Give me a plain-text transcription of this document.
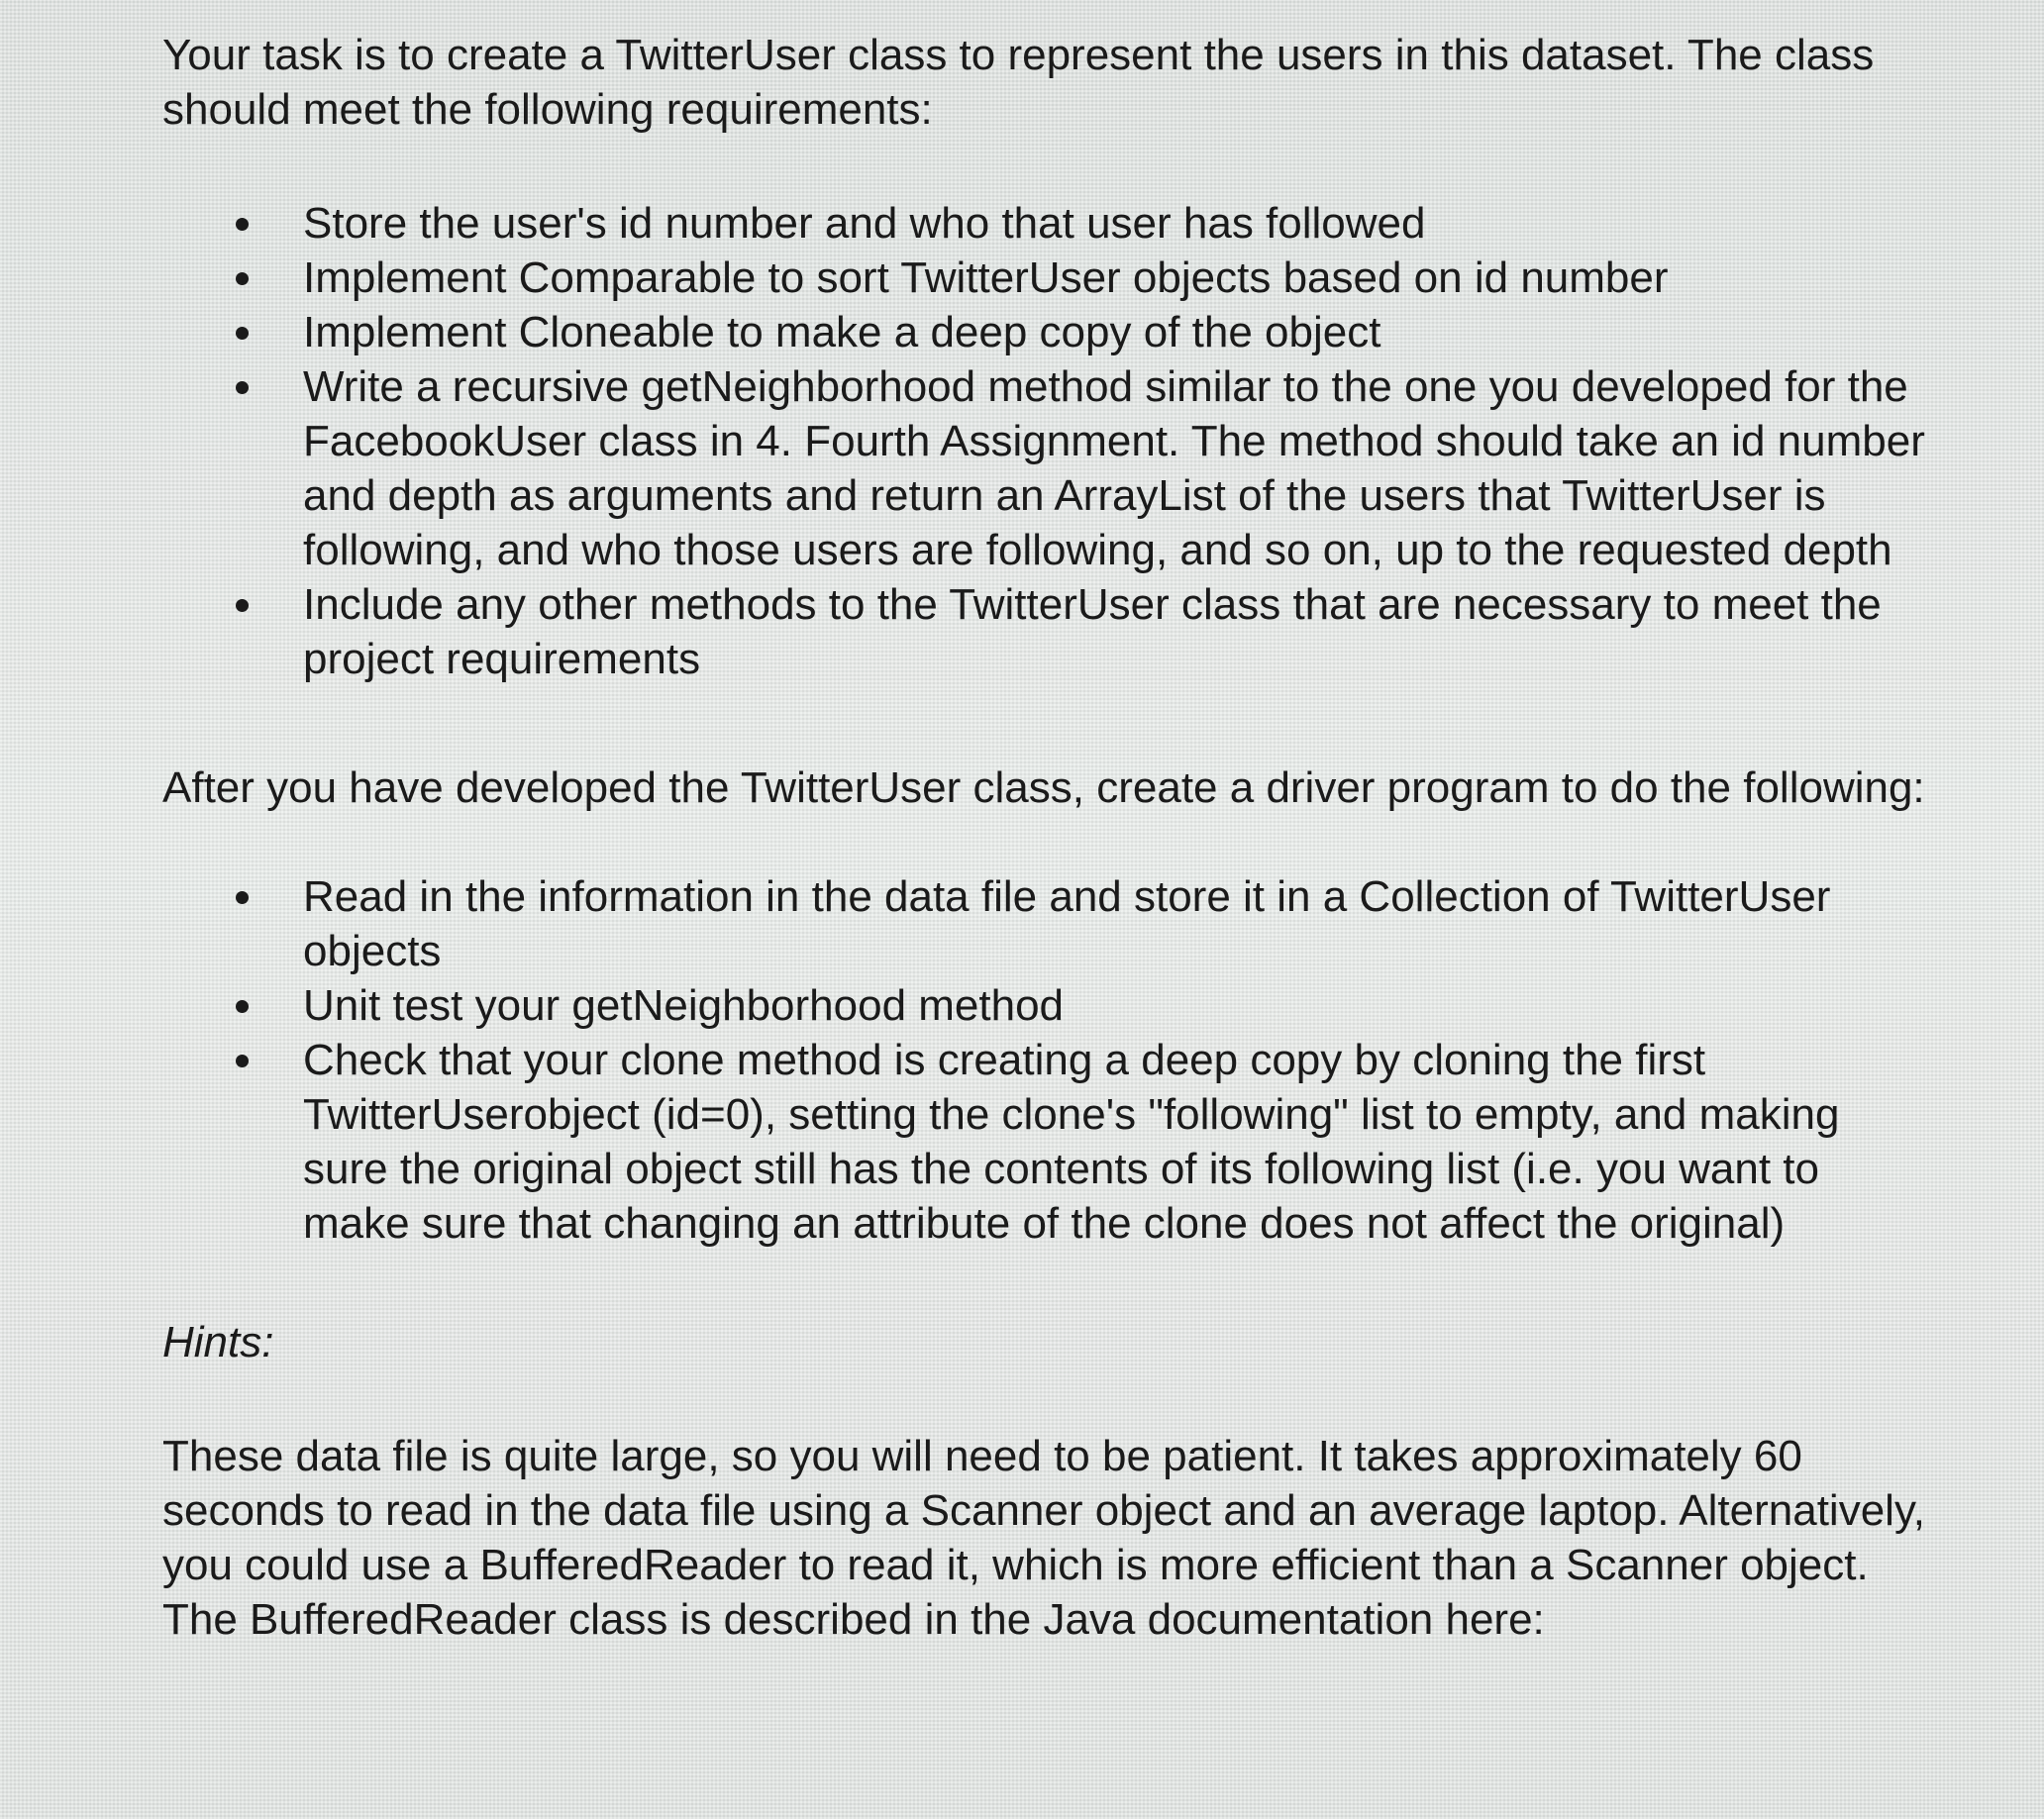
Your task is to create a TwitterUser class to represent the users in this dataset. The class should meet the following requirements:

Store the user's id number and who that user has followed
Implement Comparable to sort TwitterUser objects based on id number
Implement Cloneable to make a deep copy of the object
Write a recursive getNeighborhood method similar to the one you developed for the FacebookUser class in 4. Fourth Assignment. The method should take an id number and depth as arguments and return an ArrayList of the users that TwitterUser is following, and who those users are following, and so on, up to the requested depth
Include any other methods to the TwitterUser class that are necessary to meet the project requirements

After you have developed the TwitterUser class, create a driver program to do the following:

Read in the information in the data file and store it in a Collection of TwitterUser objects
Unit test your getNeighborhood method
Check that your clone method is creating a deep copy by cloning the first TwitterUserobject (id=0), setting the clone's "following" list to empty, and making sure the original object still has the contents of its following list (i.e. you want to make sure that changing an attribute of the clone does not affect the original)

Hints:

These data file is quite large, so you will need to be patient. It takes approximately 60 seconds to read in the data file using a Scanner object and an average laptop. Alternatively, you could use a BufferedReader to read it, which is more efficient than a Scanner object. The BufferedReader class is described in the Java documentation here:
